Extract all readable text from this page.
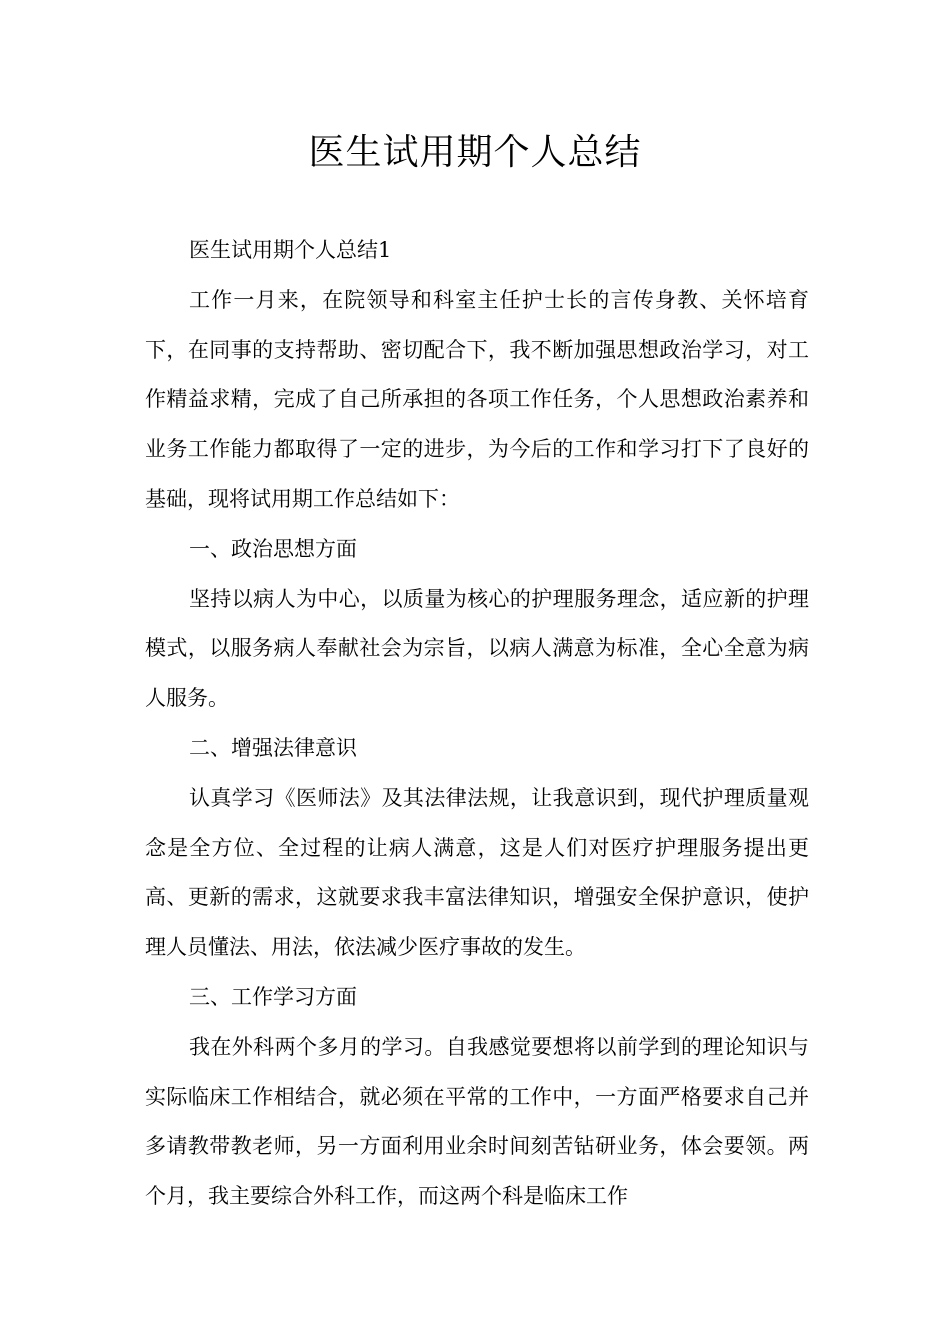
医生试用期个人总结

医生试用期个人总结1

工作一月来，在院领导和科室主任护士长的言传身教、关怀培育下，在同事的支持帮助、密切配合下，我不断加强思想政治学习，对工作精益求精，完成了自己所承担的各项工作任务，个人思想政治素养和业务工作能力都取得了一定的进步，为今后的工作和学习打下了良好的基础，现将试用期工作总结如下：

一、政治思想方面

坚持以病人为中心，以质量为核心的护理服务理念，适应新的护理模式，以服务病人奉献社会为宗旨，以病人满意为标准，全心全意为病人服务。

二、增强法律意识

认真学习《医师法》及其法律法规，让我意识到，现代护理质量观念是全方位、全过程的让病人满意，这是人们对医疗护理服务提出更高、更新的需求，这就要求我丰富法律知识，增强安全保护意识，使护理人员懂法、用法，依法减少医疗事故的发生。

三、工作学习方面

我在外科两个多月的学习。自我感觉要想将以前学到的理论知识与实际临床工作相结合，就必须在平常的工作中，一方面严格要求自己并多请教带教老师，另一方面利用业余时间刻苦钻研业务，体会要领。两个月，我主要综合外科工作，而这两个科是临床工作
